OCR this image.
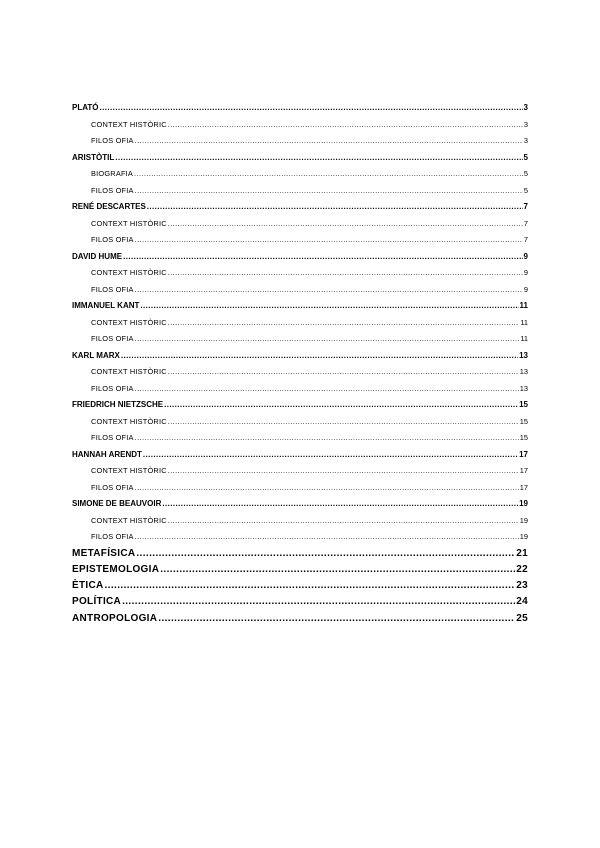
PLATÓ .....	3
CONTEXT HISTÒRIC .....	3
FILOS OFIA .....	3
ARISTÒTIL .....	5
BIOGRAFIA .....	5
FILOS OFIA .....	5
RENÉ DESCARTES .....	7
CONTEXT HISTÒRIC .....	7
FILOS OFIA .....	7
DAVID HUME .....	9
CONTEXT HISTÒRIC .....	9
FILOS OFIA .....	9
IMMANUEL KANT .....	11
CONTEXT HISTÒRIC .....	11
FILOS OFIA .....	11
KARL MARX .....	13
CONTEXT HISTÒRIC .....	13
FILOS OFIA .....	13
FRIEDRICH NIETZSCHE .....	15
CONTEXT HISTÒRIC .....	15
FILOS OFIA .....	15
HANNAH ARENDT .....	17
CONTEXT HISTÒRIC .....	17
FILOS OFIA .....	17
SIMONE DE BEAUVOIR .....	19
CONTEXT HISTÒRIC .....	19
FILOS OFIA .....	19
METAFÍSICA .....	21
EPISTEMOLOGIA .....	22
ÈTICA .....	23
POLÍTICA .....	24
ANTROPOLOGIA .....	25
